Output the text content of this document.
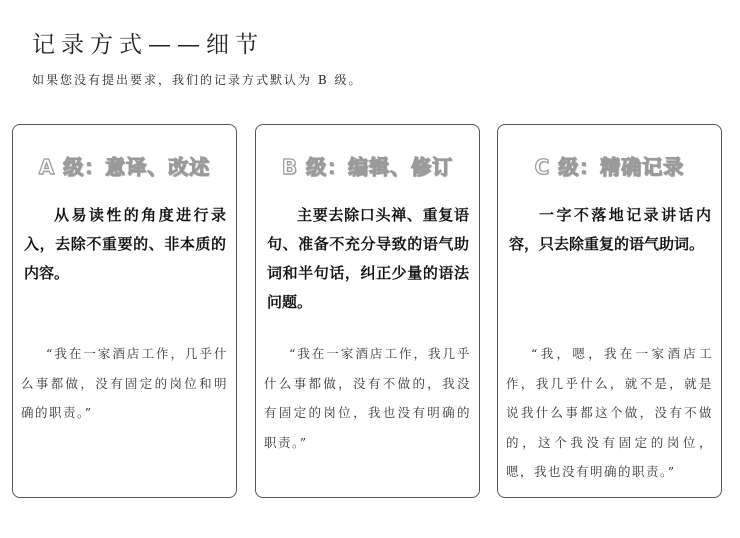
记录方式——细节
如果您没有提出要求，我们的记录方式默认为 B 级。
A 级：意译、改述
从易读性的角度进行录入，去除不重要的、非本质的内容。
“我在一家酒店工作，几乎什么事都做，没有固定的岗位和明确的职责。”
B 级：编辑、修订
主要去除口头禅、重复语句、准备不充分导致的语气助词和半句话，纠正少量的语法问题。
“我在一家酒店工作，我几乎什么事都做，没有不做的，我没有固定的岗位，我也没有明确的职责。”
C 级：精确记录
一字不落地记录讲话内容，只去除重复的语气助词。
“我，嗯，我在一家酒店工作，我几乎什么，就不是，就是说我什么事都这个做，没有不做的，这个我没有固定的岗位，嗯，我也没有明确的职责。”
